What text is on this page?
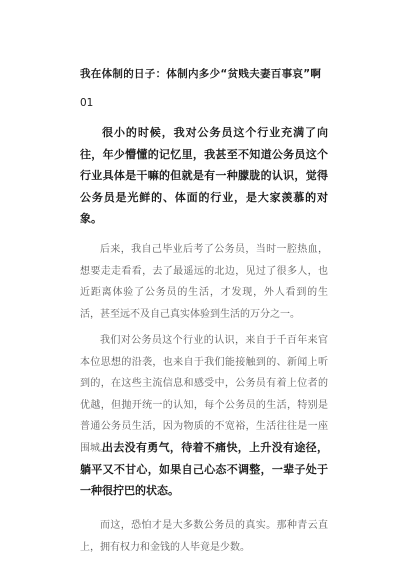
我在体制的日子：体制内多少“贫贱夫妻百事哀”啊
01

很小的时候，我对公务员这个行业充满了向往，年少懵懂的记忆里，我甚至不知道公务员这个行业具体是干嘛的但就是有一种朦胧的认识，觉得公务员是光鲜的、体面的行业，是大家羡慕的对象。

后来，我自己毕业后考了公务员，当时一腔热血，想要走走看看，去了最遥远的北边，见过了很多人，也近距离体验了公务员的生活，才发现，外人看到的生活，甚至远不及自己真实体验到生活的万分之一。

我们对公务员这个行业的认识，来自于千百年来官本位思想的沿袭，也来自于我们能接触到的、新闻上听到的，在这些主流信息和感受中，公务员有着上位者的优越，但抛开统一的认知，每个公务员的生活，特别是普通公务员生活，因为物质的不宽裕，生活往往是一座围城。

出去没有勇气，待着不痛快，上升没有途径，躺平又不甘心，如果自己心态不调整，一辈子处于一种很拧巴的状态。

而这，恐怕才是大多数公务员的真实。那种青云直上，拥有权力和金钱的人毕竟是少数。
